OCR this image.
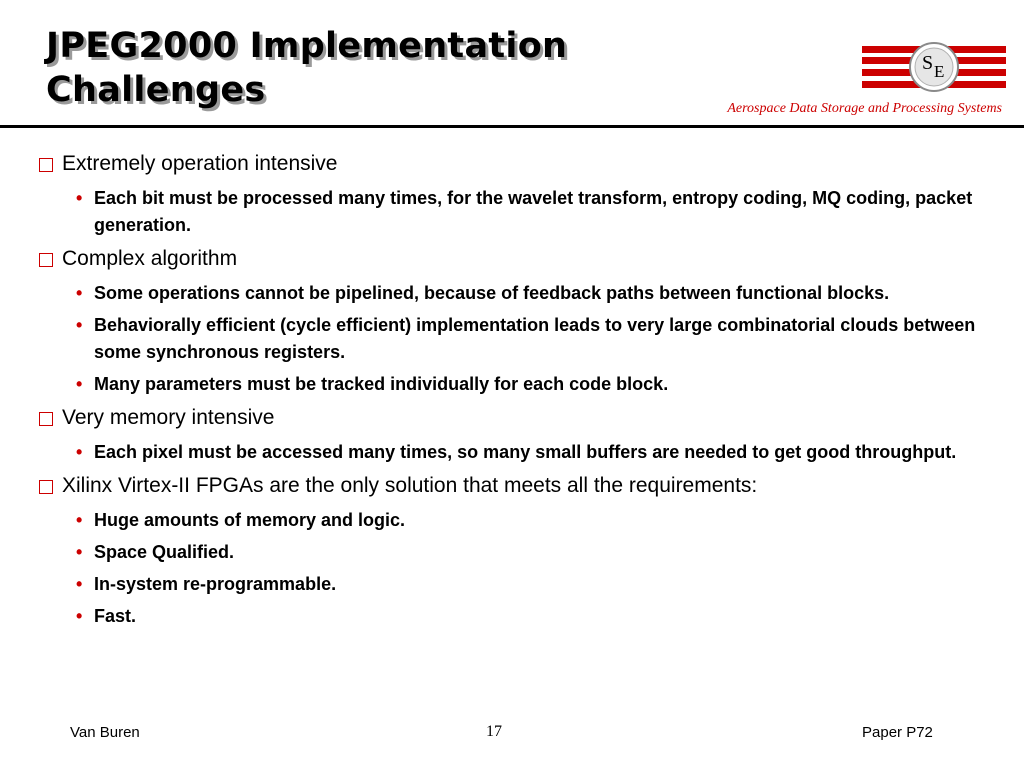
JPEG2000 Implementation
Challenges
S E
Aerospace Data Storage and Processing Systems
Extremely operation intensive
• Each bit must be processed many times, for the wavelet transform, entropy coding, MQ coding, packet generation.
Complex algorithm
• Some operations cannot be pipelined, because of feedback paths between functional blocks.
• Behaviorally efficient (cycle efficient) implementation leads to very large combinatorial clouds between some synchronous registers.
• Many parameters must be tracked individually for each code block.
Very memory intensive
• Each pixel must be accessed many times, so many small buffers are needed to get good throughput.
Xilinx Virtex-II FPGAs are the only solution that meets all the requirements:
• Huge amounts of memory and logic.
• Space Qualified.
• In-system re-programmable.
• Fast.
Van Buren	17	Paper P72
